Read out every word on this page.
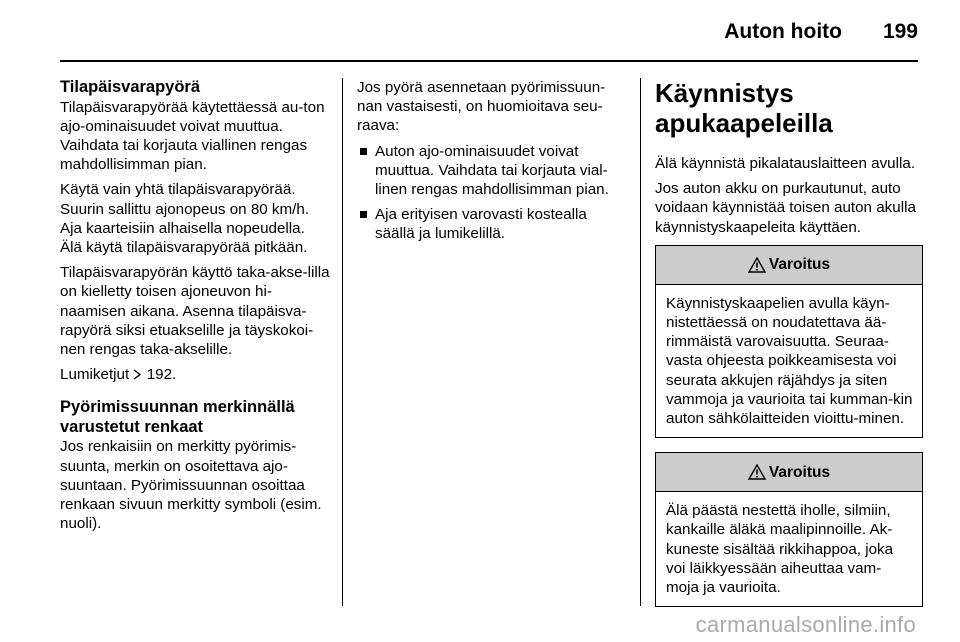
Auton hoito 199
Tilapäisvarapyörä

Tilapäisvarapyörää käytettäessä au-ton ajo-ominaisuudet voivat muuttua. Vaihdata tai korjauta viallinen rengas mahdollisimman pian.

Käytä vain yhtä tilapäisvarapyörää. Suurin sallittu ajonopeus on 80 km/h. Aja kaarteisiin alhaisella nopeudella. Älä käytä tilapäisvarapyörää pitkään.

Tilapäisvarapyörän käyttö taka-akse-lilla on kielletty toisen ajoneuvon hi-naamisen aikana. Asenna tilapäisva-rapyörä siksi etuakselille ja täyskokoi-nen rengas taka-akselille.

Lumiketjut 192.

Pyörimissuunnan merkinnällä varustetut renkaat

Jos renkaisiin on merkitty pyörimis-suunta, merkin on osoitettava ajo-suuntaan. Pyörimissuunnan osoittaa renkaan sivuun merkitty symboli (esim. nuoli).

Jos pyörä asennetaan pyörimissuun-nan vastaisesti, on huomioitava seu-raava:

Auton ajo-ominaisuudet voivat muuttua. Vaihdata tai korjauta vial-linen rengas mahdollisimman pian.
Aja erityisen varovasti kostealla säällä ja lumikelillä.
Käynnistys apukaapeleilla

Älä käynnistä pikalatauslaitteen avulla.

Jos auton akku on purkautunut, auto voidaan käynnistää toisen auton akulla käynnistyskaapeleita käyttäen.

Varoitus
Käynnistyskaapelien avulla käyn-nistettäessä on noudatettava ää-rimmäistä varovaisuutta. Seuraa-vasta ohjeesta poikkeamisesta voi seurata akkujen räjähdys ja siten vammoja ja vaurioita tai kumman-kin auton sähkölaitteiden vioittu-minen.
Varoitus
Älä päästä nestettä iholle, silmiin, kankaille äläkä maalipinnoille. Ak-kuneste sisältää rikkihappoa, joka voi läikkyessään aiheuttaa vam-moja ja vaurioita.
carmanualsonline.info
